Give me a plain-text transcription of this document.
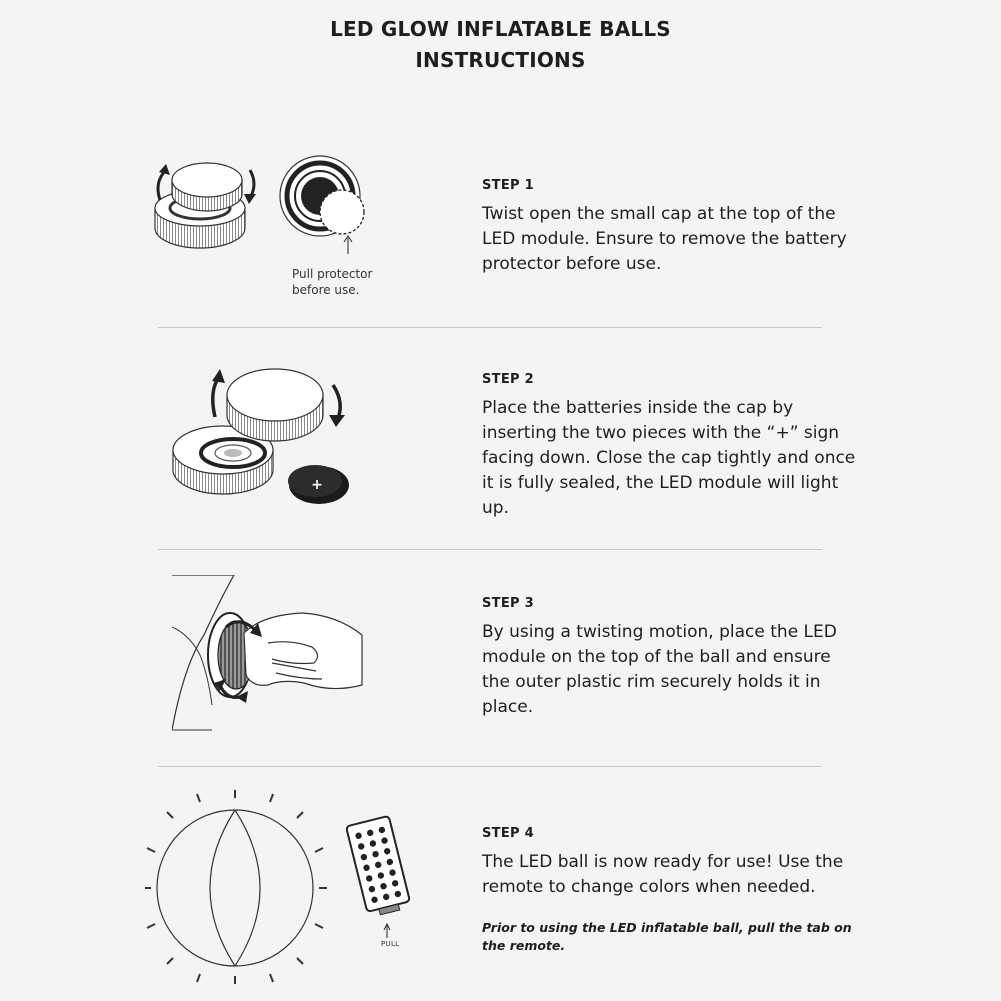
LED GLOW INFLATABLE BALLS
INSTRUCTIONS
Pull protector
before use.
STEP 1
Twist open the small cap at the top of the LED module. Ensure to remove the battery protector before use.
+
STEP 2
Place the batteries inside the cap by inserting the two pieces with the “+” sign facing down. Close the cap tightly and once it is fully sealed, the LED module will light up.
STEP 3
By using a twisting motion, place the LED module on the top of the ball and ensure the outer plastic rim securely holds it in place.
PULL
STEP 4
The LED ball is now ready for use! Use the remote to change colors when needed.
Prior to using the LED inflatable ball, pull the tab on the remote.
